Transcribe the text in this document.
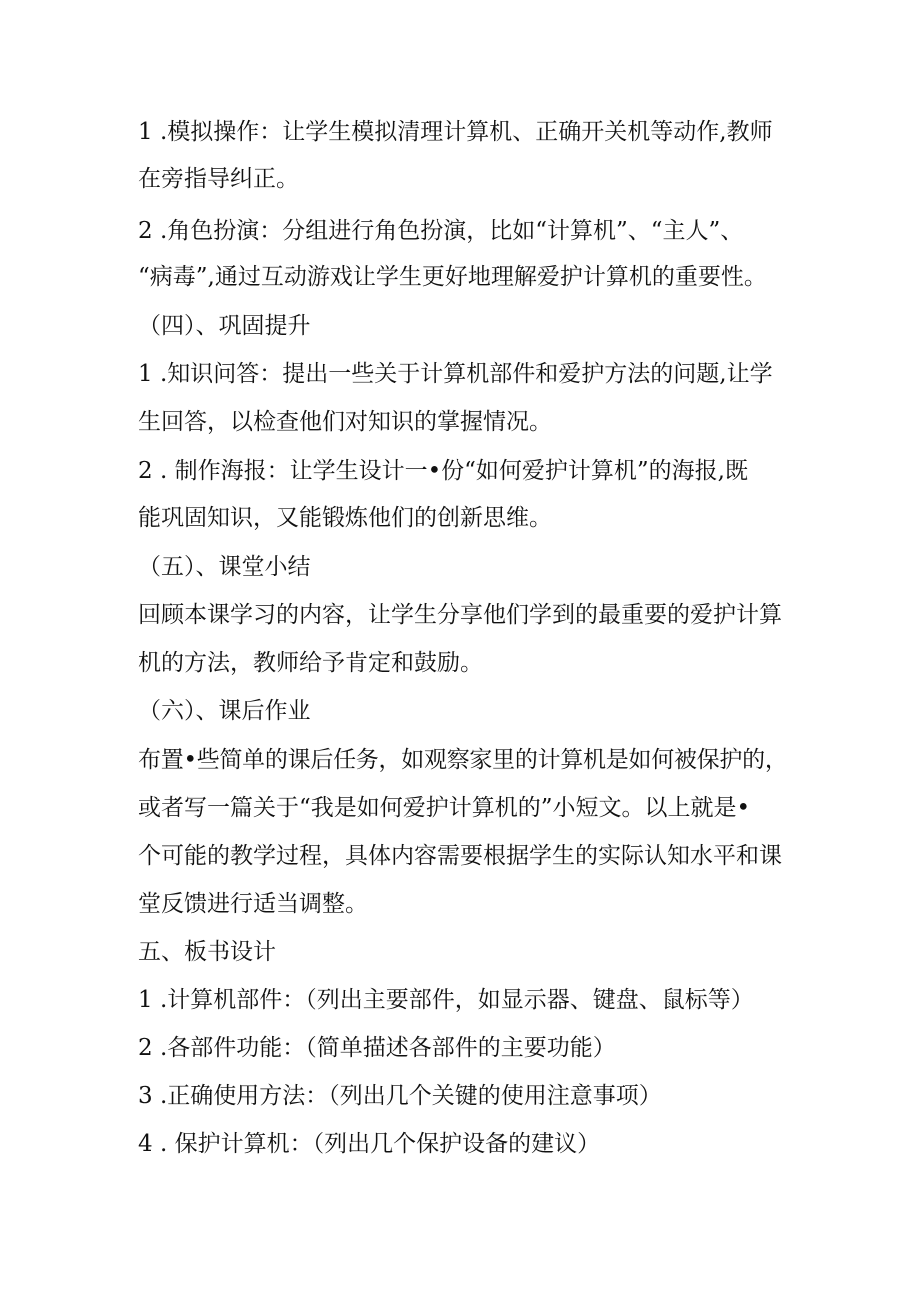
1 .模拟操作：让学生模拟清理计算机、正确开关机等动作,教师
在旁指导纠正。
2 .角色扮演：分组进行角色扮演，比如“计算机”、“主人”、
“病毒”,通过互动游戏让学生更好地理解爱护计算机的重要性。
（四）、巩固提升
1 .知识问答：提出一些关于计算机部件和爱护方法的问题,让学
生回答，以检查他们对知识的掌握情况。
2 . 制作海报：让学生设计一•份“如何爱护计算机”的海报,既
能巩固知识，又能锻炼他们的创新思维。
（五）、课堂小结
回顾本课学习的内容，让学生分享他们学到的最重要的爱护计算
机的方法，教师给予肯定和鼓励。
（六）、课后作业
布置•些简单的课后任务，如观察家里的计算机是如何被保护的，
或者写一篇关于“我是如何爱护计算机的”小短文。以上就是•
个可能的教学过程，具体内容需要根据学生的实际认知水平和课
堂反馈进行适当调整。
五、板书设计
1 .计算机部件：（列出主要部件，如显示器、键盘、鼠标等）
2 .各部件功能：（简单描述各部件的主要功能）
3 .正确使用方法：（列出几个关键的使用注意事项）
4 . 保护计算机：（列出几个保护设备的建议）
